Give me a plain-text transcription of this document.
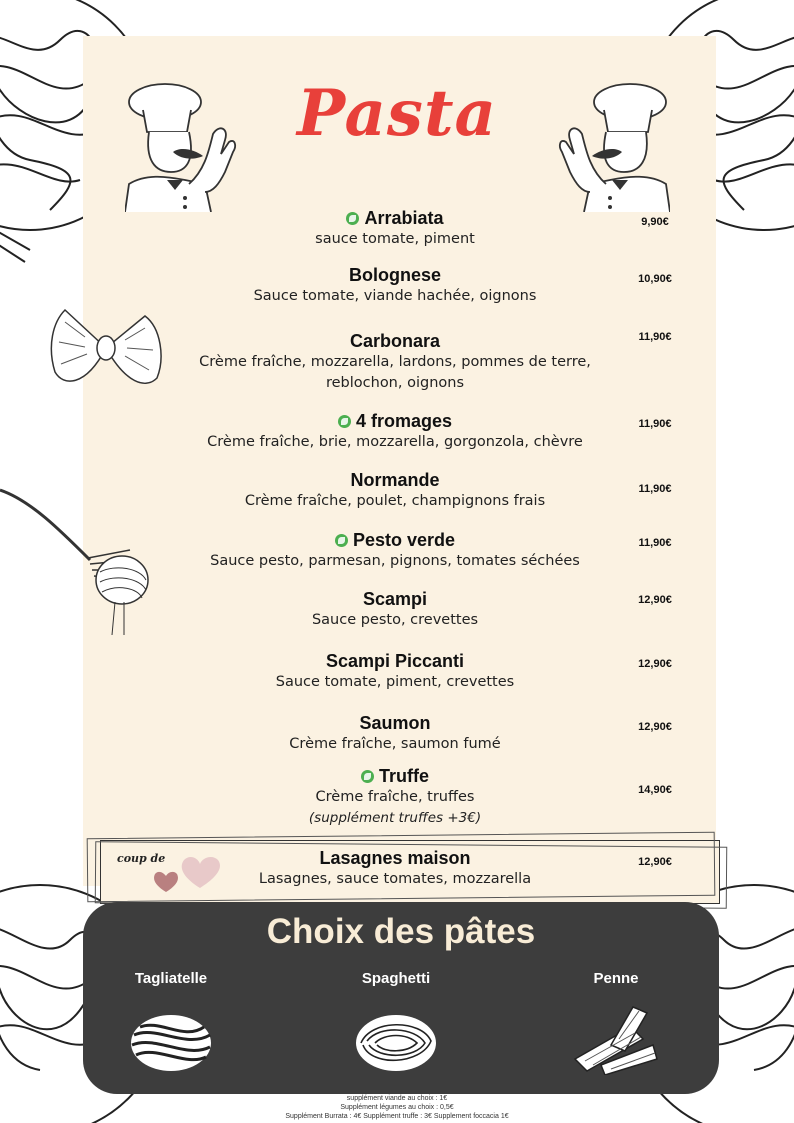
Pasta
Arrabiata
sauce tomate, piment
9,90€
Bolognese
Sauce tomate, viande hachée, oignons
10,90€
Carbonara
Crème fraîche, mozzarella, lardons, pommes de terre,
reblochon, oignons
11,90€
4 fromages
Crème fraîche, brie, mozzarella, gorgonzola, chèvre
11,90€
Normande
Crème fraîche, poulet, champignons frais
11,90€
Pesto verde
Sauce pesto, parmesan, pignons, tomates séchées
11,90€
Scampi
Sauce pesto, crevettes
12,90€
Scampi Piccanti
Sauce tomate, piment, crevettes
12,90€
Saumon
Crème fraîche, saumon fumé
12,90€
Truffe
Crème fraîche, truffes
(supplément truffes +3€)
14,90€
coup de	Lasagnes maison
Lasagnes, sauce tomates, mozzarella
12,90€
Choix des pâtes
Tagliatelle	Spaghetti	Penne
supplément viande au choix : 1€
Supplément légumes au choix : 0,5€
Supplément Burrata : 4€ Supplément truffe : 3€ Supplement foccacia 1€
